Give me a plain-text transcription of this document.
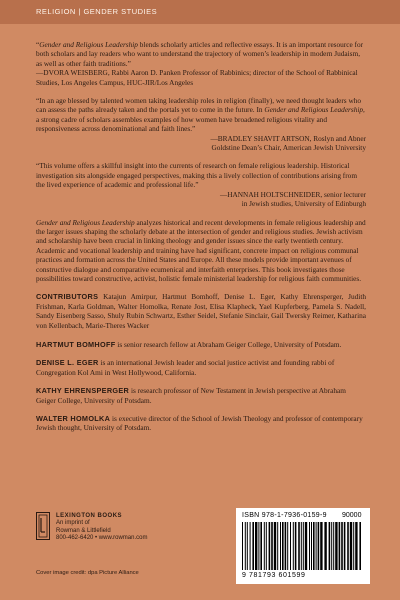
RELIGION | GENDER STUDIES

“Gender and Religious Leadership blends scholarly articles and reflective essays. It is an important resource for both scholars and lay readers who want to understand the trajectory of women’s leadership in modern Judaism, as well as other faith traditions.”
—DVORA WEISBERG, Rabbi Aaron D. Panken Professor of Rabbinics; director of the School of Rabbinical Studies, Los Angeles Campus, HUC-JIR/Los Angeles

“In an age blessed by talented women taking leadership roles in religion (finally), we need thought leaders who can assess the paths already taken and the portals yet to come in the future. In Gender and Religious Leadership, a strong cadre of scholars assembles examples of how women have broadened religious vitality and responsiveness across denominational and faith lines.”
—BRADLEY SHAVIT ARTSON, Roslyn and Abner
Goldstine Dean’s Chair, American Jewish University

“This volume offers a skillful insight into the currents of research on female religious leadership. Historical investigation sits alongside engaged perspectives, making this a lively collection of contributions arising from the lived experience of academic and professional life.”
—HANNAH HOLTSCHNEIDER, senior lecturer
in Jewish studies, University of Edinburgh

Gender and Religious Leadership analyzes historical and recent developments in female religious leadership and the larger issues shaping the scholarly debate at the intersection of gender and religious studies. Jewish activism and scholarship have been crucial in linking theology and gender issues since the early twentieth century. Academic and vocational leadership and training have had significant, concrete impact on religious communal practices and formation across the United States and Europe. All these models provide important avenues of constructive dialogue and comparative ecumenical and interfaith enterprises. This book investigates those possibilities toward constructive, activist, holistic female ministerial leadership for religious faith communities.

CONTRIBUTORS Katajun Amirpur, Hartmut Bomhoff, Denise L. Eger, Kathy Ehrensperger, Judith Frishman, Karla Goldman, Walter Homolka, Renate Jost, Elisa Klapheck, Yael Kupferberg, Pamela S. Nadell, Sandy Eisenberg Sasso, Shuly Rubin Schwartz, Esther Seidel, Stefanie Sinclair, Gail Twersky Reimer, Katharina von Kellenbach, Marie-Theres Wacker

HARTMUT BOMHOFF is senior research fellow at Abraham Geiger College, University of Potsdam.

DENISE L. EGER is an international Jewish leader and social justice activist and founding rabbi of Congregation Kol Ami in West Hollywood, California.

KATHY EHRENSPERGER is research professor of New Testament in Jewish perspective at Abraham Geiger College, University of Potsdam.

WALTER HOMOLKA is executive director of the School of Jewish Theology and professor of contemporary Jewish thought, University of Potsdam.

LEXINGTON BOOKS
An imprint of
Rowman & Littlefield
800-462-6420 • www.rowman.com
Cover image credit: dpa Picture Alliance
ISBN 978-1-7936-0159-9 90000
9 781793 601599
